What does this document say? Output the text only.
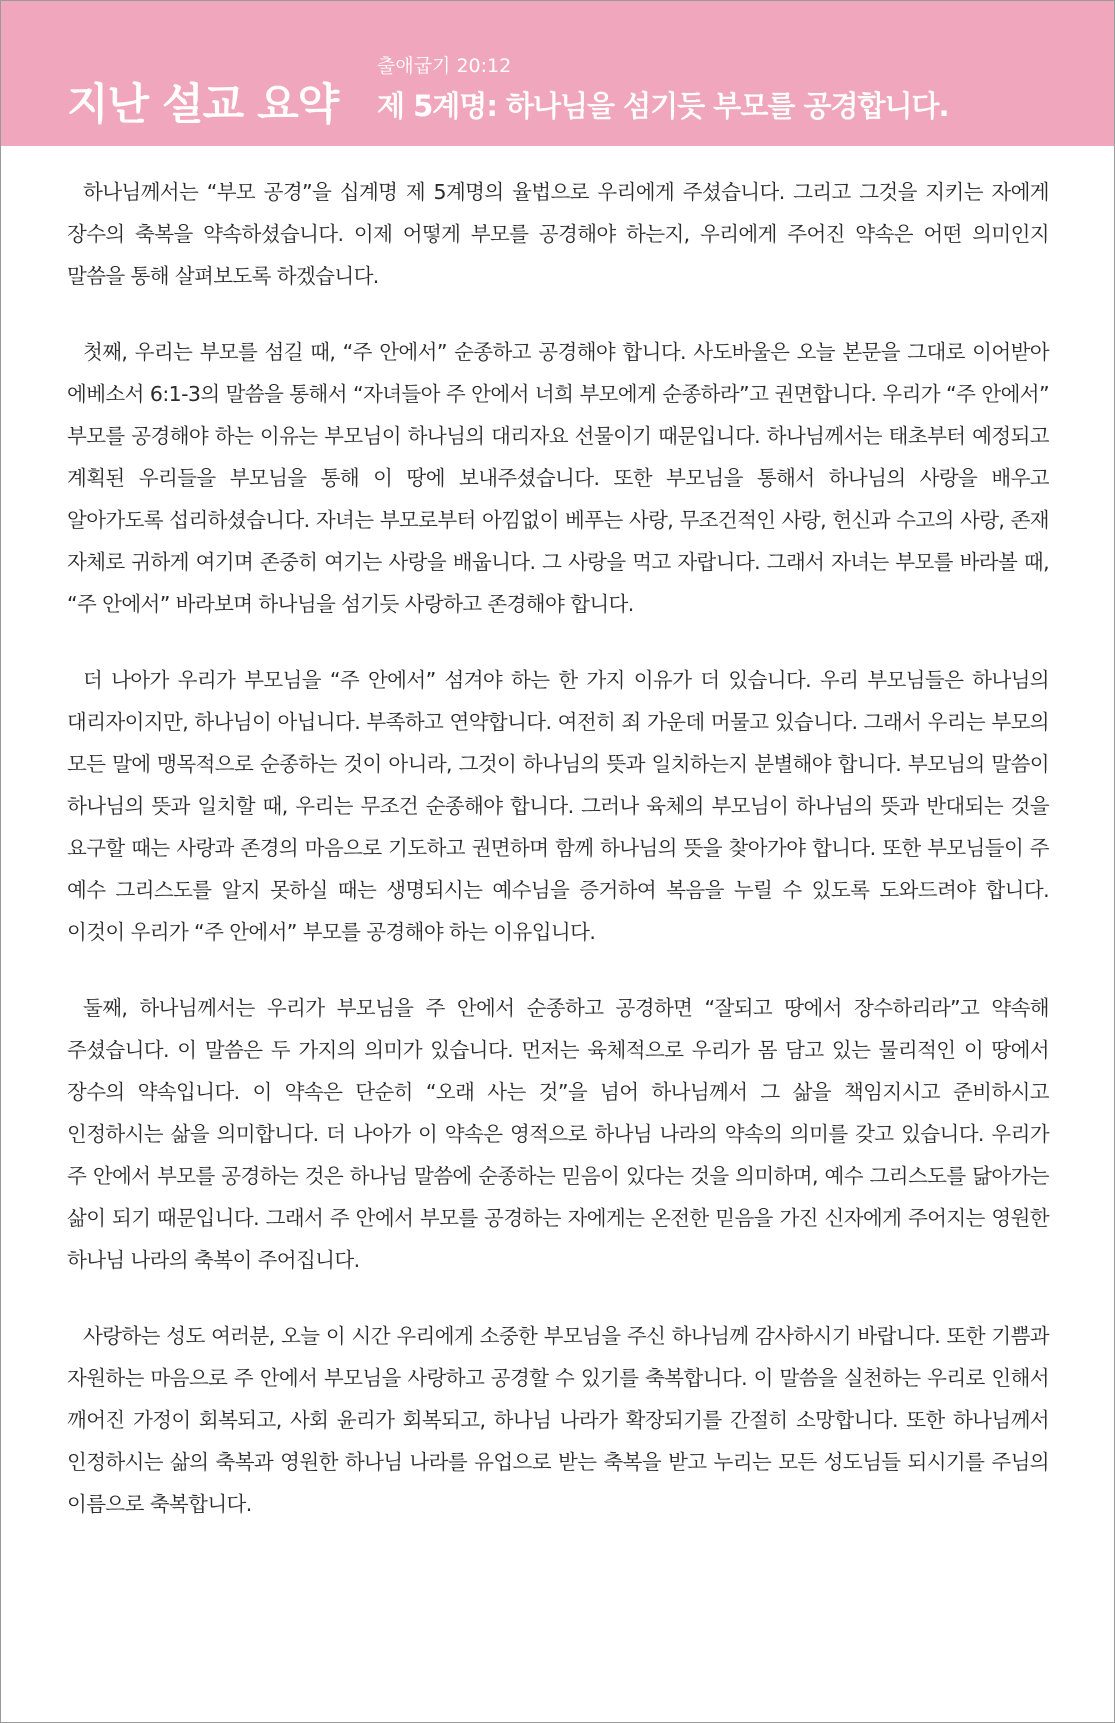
지난 설교 요약
출애굽기 20:12
제 5계명: 하나님을 섬기듯 부모를 공경합니다.

하나님께서는 “부모 공경”을 십계명 제 5계명의 율법으로 우리에게 주셨습니다. 그리고 그것을 지키는 자에게 장수의 축복을 약속하셨습니다. 이제 어떻게 부모를 공경해야 하는지, 우리에게 주어진 약속은 어떤 의미인지 말씀을 통해 살펴보도록 하겠습니다.

첫째, 우리는 부모를 섬길 때, “주 안에서” 순종하고 공경해야 합니다. 사도바울은 오늘 본문을 그대로 이어받아 에베소서 6:1-3의 말씀을 통해서 “자녀들아 주 안에서 너희 부모에게 순종하라”고 권면합니다. 우리가 “주 안에서” 부모를 공경해야 하는 이유는 부모님이 하나님의 대리자요 선물이기 때문입니다. 하나님께서는 태초부터 예정되고 계획된 우리들을 부모님을 통해 이 땅에 보내주셨습니다. 또한 부모님을 통해서 하나님의 사랑을 배우고 알아가도록 섭리하셨습니다. 자녀는 부모로부터 아낌없이 베푸는 사랑, 무조건적인 사랑, 헌신과 수고의 사랑, 존재 자체로 귀하게 여기며 존중히 여기는 사랑을 배웁니다. 그 사랑을 먹고 자랍니다. 그래서 자녀는 부모를 바라볼 때, “주 안에서” 바라보며 하나님을 섬기듯 사랑하고 존경해야 합니다.

더 나아가 우리가 부모님을 “주 안에서” 섬겨야 하는 한 가지 이유가 더 있습니다. 우리 부모님들은 하나님의 대리자이지만, 하나님이 아닙니다. 부족하고 연약합니다. 여전히 죄 가운데 머물고 있습니다. 그래서 우리는 부모의 모든 말에 맹목적으로 순종하는 것이 아니라, 그것이 하나님의 뜻과 일치하는지 분별해야 합니다. 부모님의 말씀이 하나님의 뜻과 일치할 때, 우리는 무조건 순종해야 합니다. 그러나 육체의 부모님이 하나님의 뜻과 반대되는 것을 요구할 때는 사랑과 존경의 마음으로 기도하고 권면하며 함께 하나님의 뜻을 찾아가야 합니다. 또한 부모님들이 주 예수 그리스도를 알지 못하실 때는 생명되시는 예수님을 증거하여 복음을 누릴 수 있도록 도와드려야 합니다. 이것이 우리가 “주 안에서” 부모를 공경해야 하는 이유입니다.

둘째, 하나님께서는 우리가 부모님을 주 안에서 순종하고 공경하면 “잘되고 땅에서 장수하리라”고 약속해 주셨습니다. 이 말씀은 두 가지의 의미가 있습니다. 먼저는 육체적으로 우리가 몸 담고 있는 물리적인 이 땅에서 장수의 약속입니다. 이 약속은 단순히 “오래 사는 것”을 넘어 하나님께서 그 삶을 책임지시고 준비하시고 인정하시는 삶을 의미합니다. 더 나아가 이 약속은 영적으로 하나님 나라의 약속의 의미를 갖고 있습니다. 우리가 주 안에서 부모를 공경하는 것은 하나님 말씀에 순종하는 믿음이 있다는 것을 의미하며, 예수 그리스도를 닮아가는 삶이 되기 때문입니다. 그래서 주 안에서 부모를 공경하는 자에게는 온전한 믿음을 가진 신자에게 주어지는 영원한 하나님 나라의 축복이 주어집니다.

사랑하는 성도 여러분, 오늘 이 시간 우리에게 소중한 부모님을 주신 하나님께 감사하시기 바랍니다. 또한 기쁨과 자원하는 마음으로 주 안에서 부모님을 사랑하고 공경할 수 있기를 축복합니다. 이 말씀을 실천하는 우리로 인해서 깨어진 가정이 회복되고, 사회 윤리가 회복되고, 하나님 나라가 확장되기를 간절히 소망합니다. 또한 하나님께서 인정하시는 삶의 축복과 영원한 하나님 나라를 유업으로 받는 축복을 받고 누리는 모든 성도님들 되시기를 주님의 이름으로 축복합니다.
